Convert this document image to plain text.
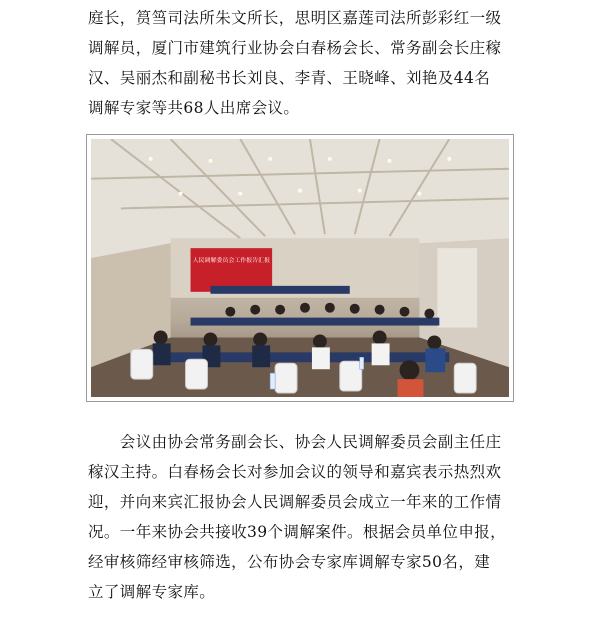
庭长，筼筜司法所朱文所长，思明区嘉莲司法所彭彩红一级
调解员，厦门市建筑行业协会白春杨会长、常务副会长庄稼
汉、吴丽杰和副秘书长刘良、李青、王晓峰、刘艳及44名
调解专家等共68人出席会议。

人民调解委员会工作报告汇报

　　会议由协会常务副会长、协会人民调解委员会副主任庄
稼汉主持。白春杨会长对参加会议的领导和嘉宾表示热烈欢
迎，并向来宾汇报协会人民调解委员会成立一年来的工作情
况。一年来协会共接收39个调解案件。根据会员单位申报，
经审核筛经审核筛选，公布协会专家库调解专家50名，建
立了调解专家库。
